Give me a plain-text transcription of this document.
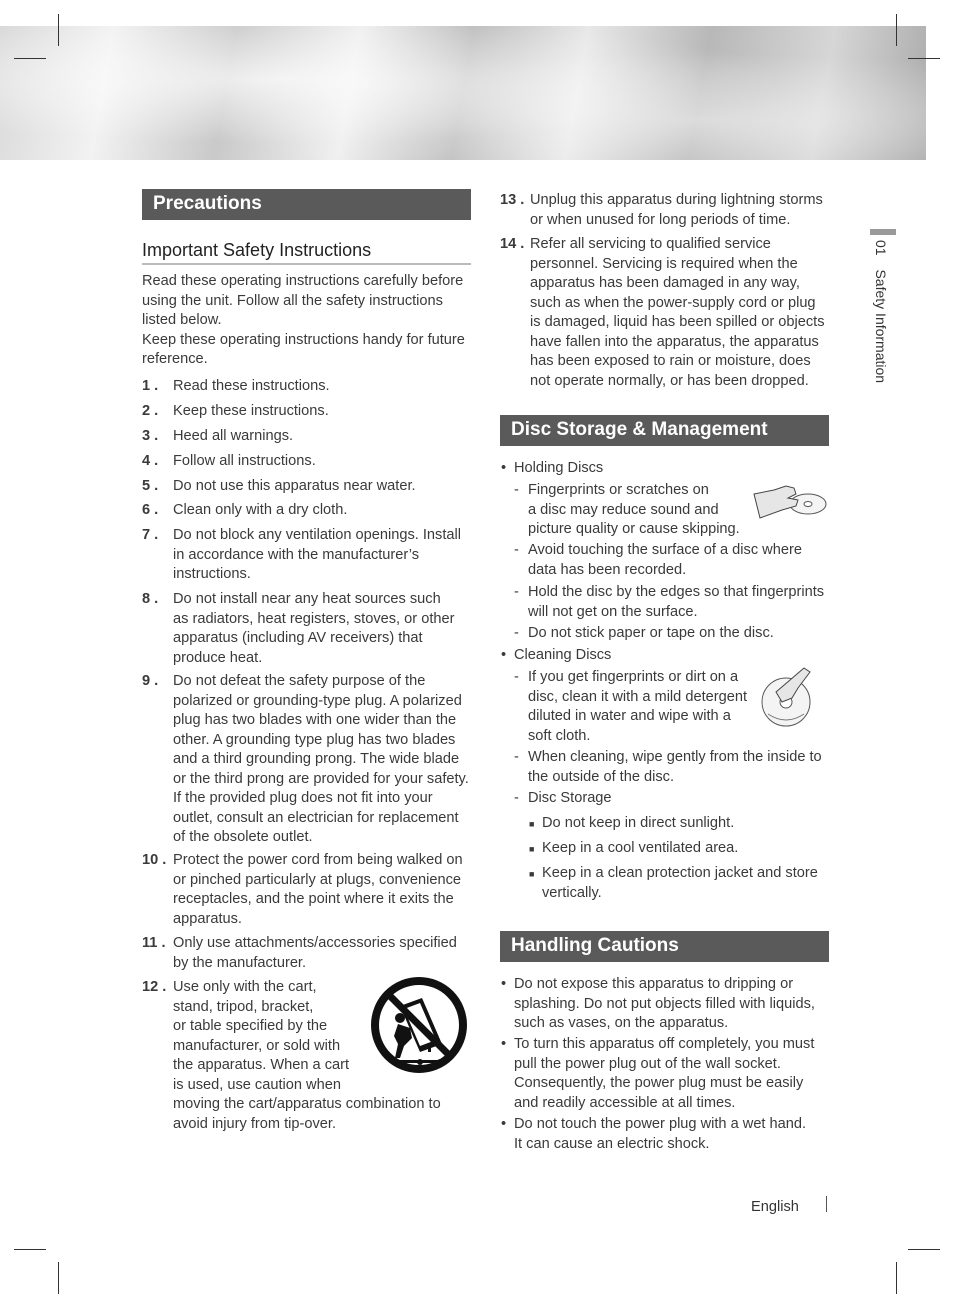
01 Safety Information
Precautions
Important Safety Instructions
Read these operating instructions carefully before
using the unit. Follow all the safety instructions
listed below.
Keep these operating instructions handy for future
reference.
1 . Read these instructions.
2 . Keep these instructions.
3 . Heed all warnings.
4 . Follow all instructions.
5 . Do not use this apparatus near water.
6 . Clean only with a dry cloth.
7 . Do not block any ventilation openings. Install
in accordance with the manufacturer’s
instructions.
8 . Do not install near any heat sources such
as radiators, heat registers, stoves, or other
apparatus (including AV receivers) that
produce heat.
9 . Do not defeat the safety purpose of the
polarized or grounding-type plug. A polarized
plug has two blades with one wider than the
other. A grounding type plug has two blades
and a third grounding prong. The wide blade
or the third prong are provided for your safety.
If the provided plug does not fit into your
outlet, consult an electrician for replacement
of the obsolete outlet.
10 . Protect the power cord from being walked on
or pinched particularly at plugs, convenience
receptacles, and the point where it exits the
apparatus.
11 . Only use attachments/accessories specified
by the manufacturer.
12 . Use only with the cart,
stand, tripod, bracket,
or table specified by the
manufacturer, or sold with
the apparatus. When a cart
is used, use caution when
moving the cart/apparatus combination to
avoid injury from tip-over.
13 . Unplug this apparatus during lightning storms
or when unused for long periods of time.
14 . Refer all servicing to qualified service
personnel. Servicing is required when the
apparatus has been damaged in any way,
such as when the power-supply cord or plug
is damaged, liquid has been spilled or objects
have fallen into the apparatus, the apparatus
has been exposed to rain or moisture, does
not operate normally, or has been dropped.
Disc Storage & Management
• Holding Discs
- Fingerprints or scratches on
a disc may reduce sound and
picture quality or cause skipping.
- Avoid touching the surface of a disc where
data has been recorded.
- Hold the disc by the edges so that fingerprints
will not get on the surface.
- Do not stick paper or tape on the disc.
• Cleaning Discs
- If you get fingerprints or dirt on a
disc, clean it with a mild detergent
diluted in water and wipe with a
soft cloth.
- When cleaning, wipe gently from the inside to
the outside of the disc.
- Disc Storage
■ Do not keep in direct sunlight.
■ Keep in a cool ventilated area.
■ Keep in a clean protection jacket and store
vertically.
Handling Cautions
• Do not expose this apparatus to dripping or
splashing. Do not put objects filled with liquids,
such as vases, on the apparatus.
• To turn this apparatus off completely, you must
pull the power plug out of the wall socket.
Consequently, the power plug must be easily
and readily accessible at all times.
• Do not touch the power plug with a wet hand.
It can cause an electric shock.
English
